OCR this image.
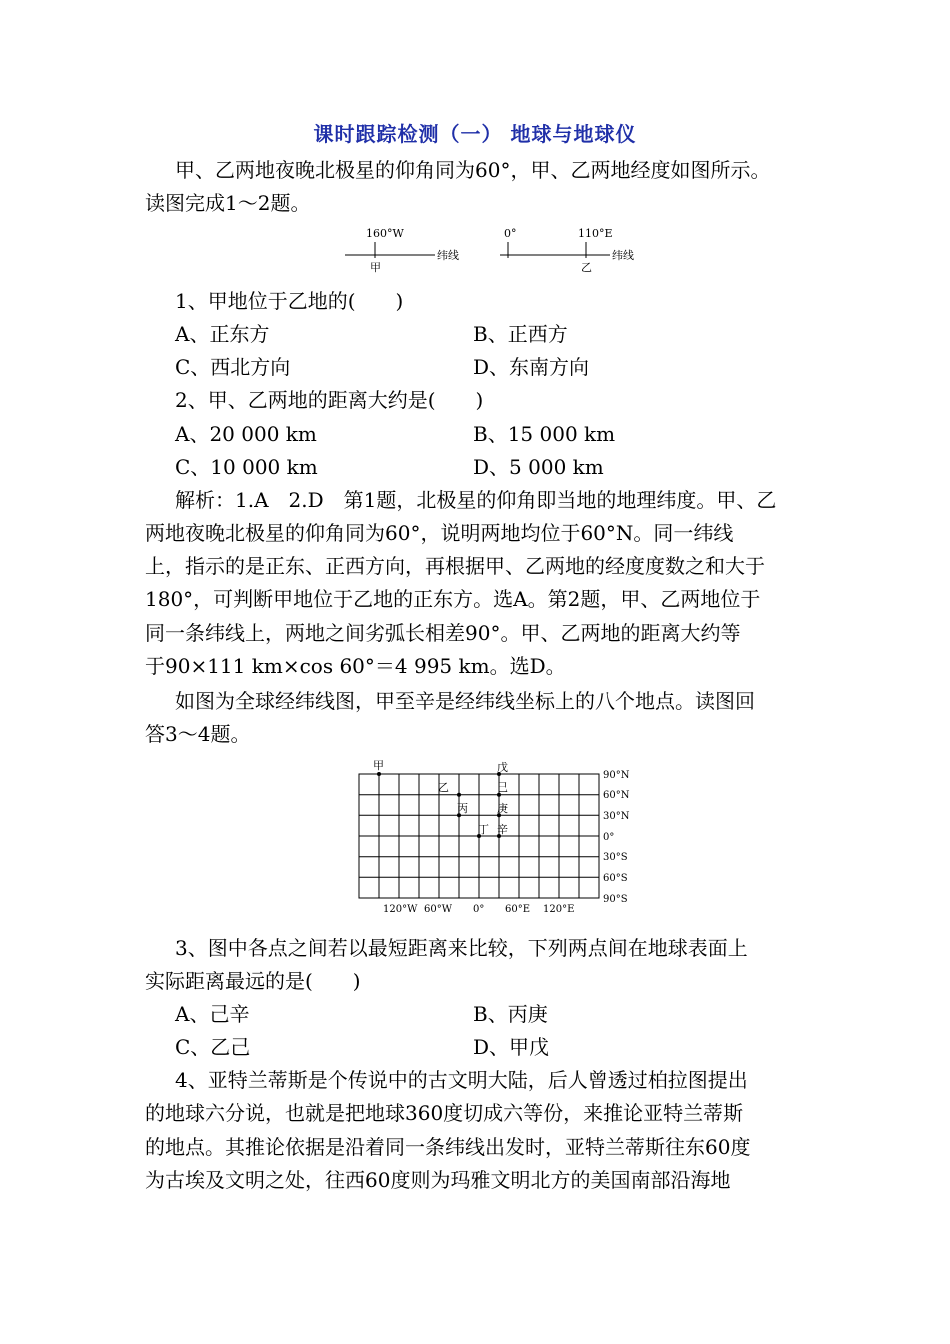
课时跟踪检测（一） 地球与地球仪
甲、乙两地夜晚北极星的仰角同为60°，甲、乙两地经度如图所示。
读图完成1～2题。
160°W
纬线
甲
0°	110°E
纬线
乙
1、甲地位于乙地的(　　)
A、正东方	B、正西方
C、西北方向	D、东南方向
2、甲、乙两地的距离大约是(　　)
A、20 000 km	B、15 000 km
C、10 000 km	D、5 000 km
解析：1.A　2.D　第1题，北极星的仰角即当地的地理纬度。甲、乙
两地夜晚北极星的仰角同为60°，说明两地均位于60°N。同一纬线
上，指示的是正东、正西方向，再根据甲、乙两地的经度度数之和大于
180°，可判断甲地位于乙地的正东方。选A。第2题，甲、乙两地位于
同一条纬线上，两地之间劣弧长相差90°。甲、乙两地的距离大约等
于90×111 km×cos 60°＝4 995 km。选D。
如图为全球经纬线图，甲至辛是经纬线坐标上的八个地点。读图回
答3～4题。
90°N
60°N
30°N
0°
30°S
60°S
90°S
120°W 60°W 0° 60°E 120°E
甲
乙
丙
丁
戊
己
庚
辛
3、图中各点之间若以最短距离来比较，下列两点间在地球表面上
实际距离最远的是(　　)
A、己辛	B、丙庚
C、乙己	D、甲戊
4、亚特兰蒂斯是个传说中的古文明大陆，后人曾透过柏拉图提出
的地球六分说，也就是把地球360度切成六等份，来推论亚特兰蒂斯
的地点。其推论依据是沿着同一条纬线出发时，亚特兰蒂斯往东60度
为古埃及文明之处，往西60度则为玛雅文明北方的美国南部沿海地
